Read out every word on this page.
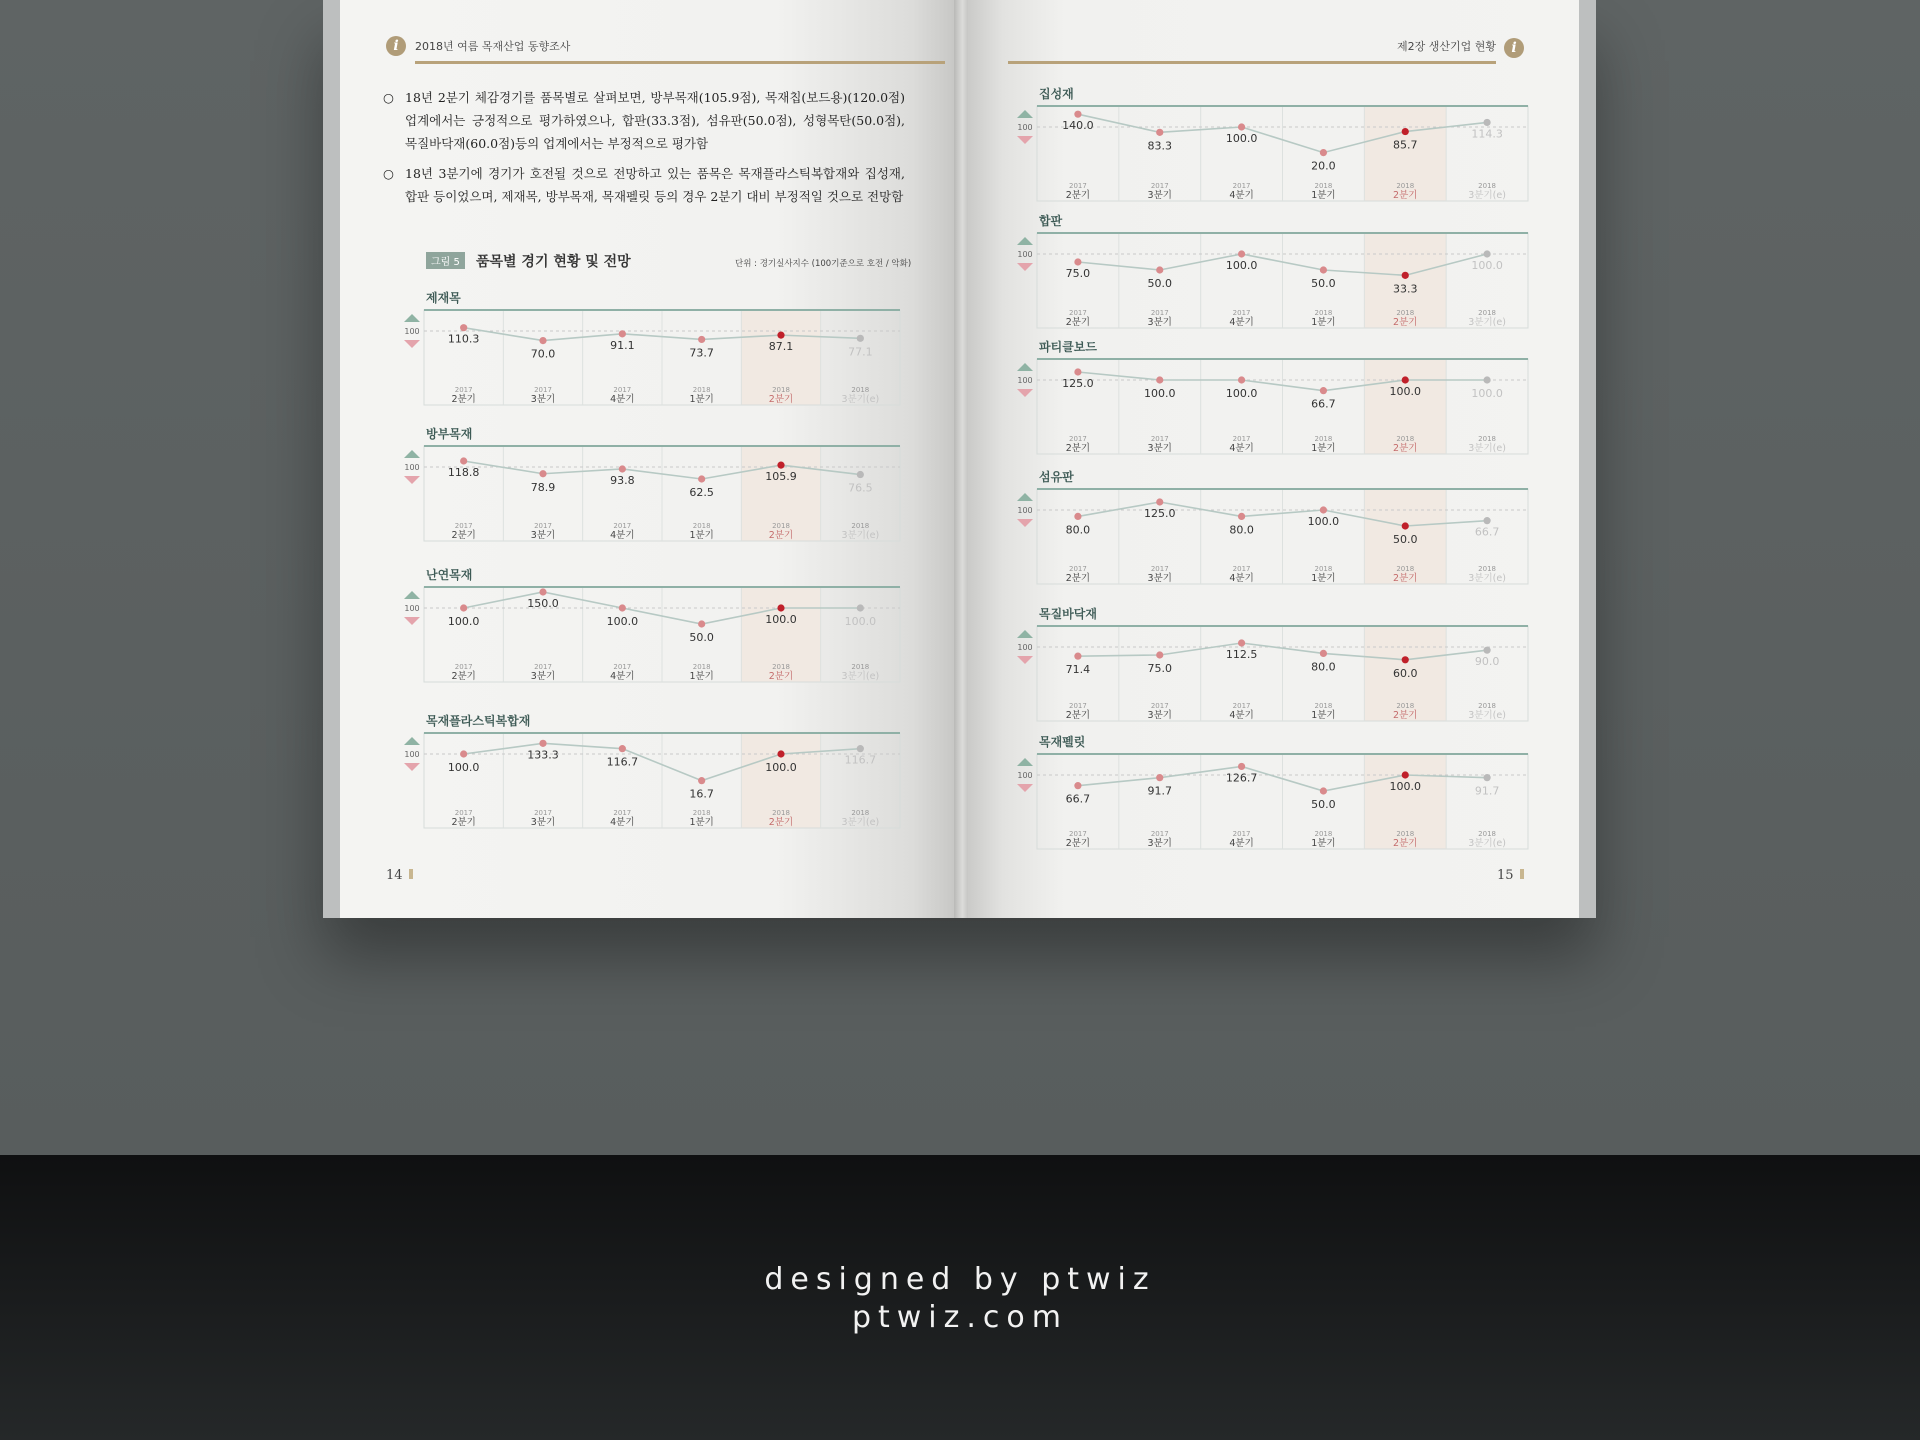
i	2018년 여름 목재산업 동향조사
○ 18년 2분기 체감경기를 품목별로 살펴보면, 방부목재(105.9점), 목재칩(보드용)(120.0점)업계에서는 긍정적으로 평가하였으나, 합판(33.3점), 섬유판(50.0점), 성형목탄(50.0점), 목질바닥재(60.0점)등의 업계에서는 부정적으로 평가함
○ 18년 3분기에 경기가 호전될 것으로 전망하고 있는 품목은 목재플라스틱복합재와 집성재, 합판 등이었으며, 제재목, 방부목재, 목재펠릿 등의 경우 2분기 대비 부정적일 것으로 전망함
그림 5 품목별 경기 현황 및 전망	단위 : 경기실사지수 (100기준으로 호전 / 악화)
제2장 생산기업 현황	i
14	15
제재목
100
110.3
2017
2분기
70.0
2017
3분기
91.1
2017
4분기
73.7
2018
1분기
87.1
2018
2분기
77.1
2018
3분기(e)
방부목재
100	118.8
2017
2분기
78.9
2017
3분기
93.8
2017
4분기
62.5
2018
1분기
105.9
2018
2분기
76.5
2018
3분기(e)
난연목재
100
100.0
2017
2분기
150.0
2017
3분기
100.0
2017
4분기
50.0
2018
1분기
100.0
2018
2분기
100.0
2018
3분기(e)
목재플라스틱복합재
100
100.0
2017
2분기
133.3
2017
3분기
116.7
2017
4분기
16.7
2018
1분기
100.0
2018
2분기
116.7
2018
3분기(e)
집성재
100	140.0
2017
2분기
83.3
2017
3분기
100.0
2017
4분기
20.0
2018
1분기
85.7
2018
2분기
114.3
2018
3분기(e)
합판
100
75.0
2017
2분기
50.0
2017
3분기
100.0
2017
4분기
50.0
2018
1분기
33.3
2018
2분기
100.0
2018
3분기(e)
파티클보드
100	125.0
2017
2분기
100.0
2017
3분기
100.0
2017
4분기
66.7
2018
1분기
100.0
2018
2분기
100.0
2018
3분기(e)
섬유판
100
80.0
2017
2분기
125.0
2017
3분기
80.0
2017
4분기
100.0
2018
1분기
50.0
2018
2분기
66.7
2018
3분기(e)
목질바닥재
100
71.4
2017
2분기
75.0
2017
3분기
112.5
2017
4분기
80.0
2018
1분기
60.0
2018
2분기
90.0
2018
3분기(e)
목재펠릿
100
66.7
2017
2분기
91.7
2017
3분기
126.7
2017
4분기
50.0
2018
1분기
100.0
2018
2분기
91.7
2018
3분기(e)
designed by ptwiz
ptwiz.com
